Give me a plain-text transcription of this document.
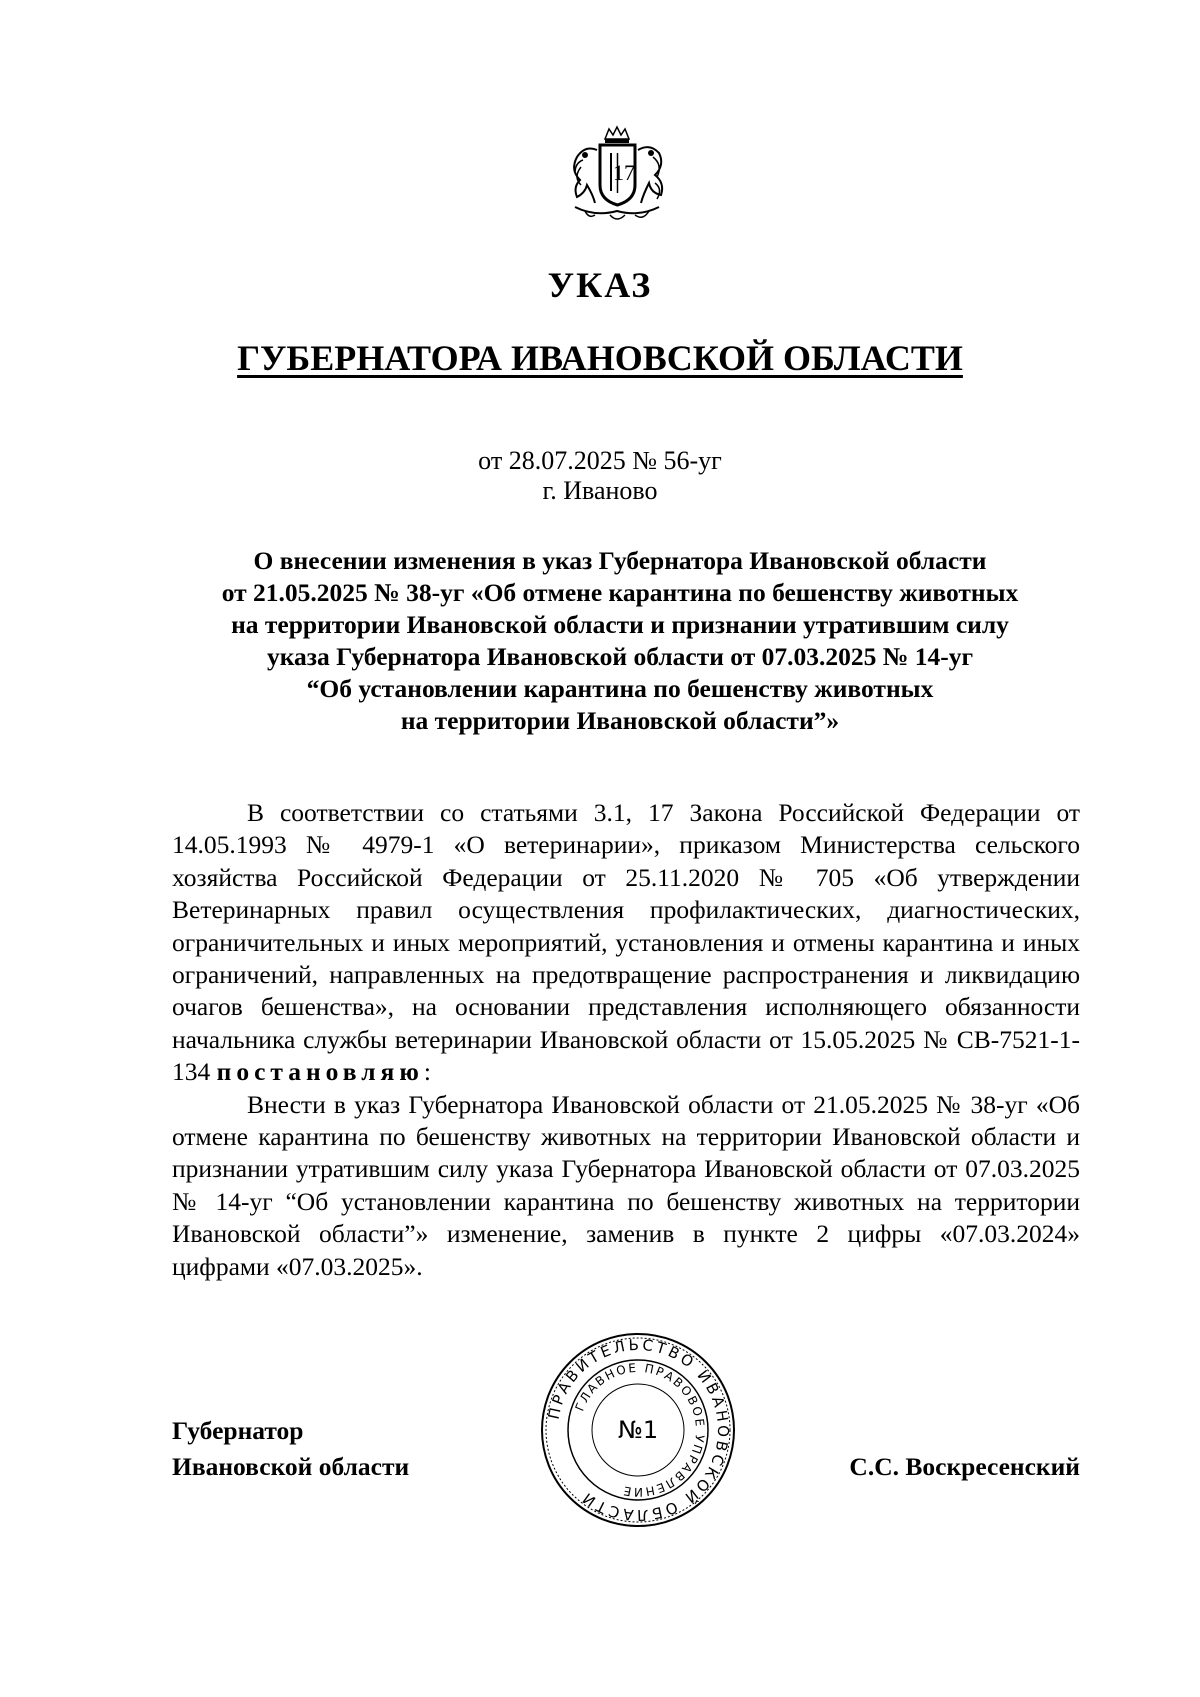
17
УКАЗ
ГУБЕРНАТОРА ИВАНОВСКОЙ ОБЛАСТИ
от 28.07.2025 № 56-уг
г. Иваново
О внесении изменения в указ Губернатора Ивановской области
от 21.05.2025 № 38-уг «Об отмене карантина по бешенству животных
на территории Ивановской области и признании утратившим силу
указа Губернатора Ивановской области от 07.03.2025 № 14-уг
“Об установлении карантина по бешенству животных
на территории Ивановской области”»

В соответствии со статьями 3.1, 17 Закона Российской Федерации от 14.05.1993 № 4979-1 «О ветеринарии», приказом Министерства сельского хозяйства Российской Федерации от 25.11.2020 № 705 «Об утверждении Ветеринарных правил осуществления профилактических, диагностических, ограничительных и иных мероприятий, установления и отмены карантина и иных ограничений, направленных на предотвращение распространения и ликвидацию очагов бешенства», на основании представления исполняющего обязанности начальника службы ветеринарии Ивановской области от 15.05.2025 № СВ-7521-1-134 постановляю:

Внести в указ Губернатора Ивановской области от 21.05.2025 № 38-уг «Об отмене карантина по бешенству животных на территории Ивановской области и признании утратившим силу указа Губернатора Ивановской области от 07.03.2025 № 14-уг “Об установлении карантина по бешенству животных на территории Ивановской области”» изменение, заменив в пункте 2 цифры «07.03.2024» цифрами «07.03.2025».

Губернатор
Ивановской области	С.С. Воскресенский
ПРАВИТЕЛЬСТВО ИВАНОВСКОЙ ОБЛАСТИ
ГЛАВНОЕ ПРАВОВОЕ УПРАВЛЕНИЕ
№1
